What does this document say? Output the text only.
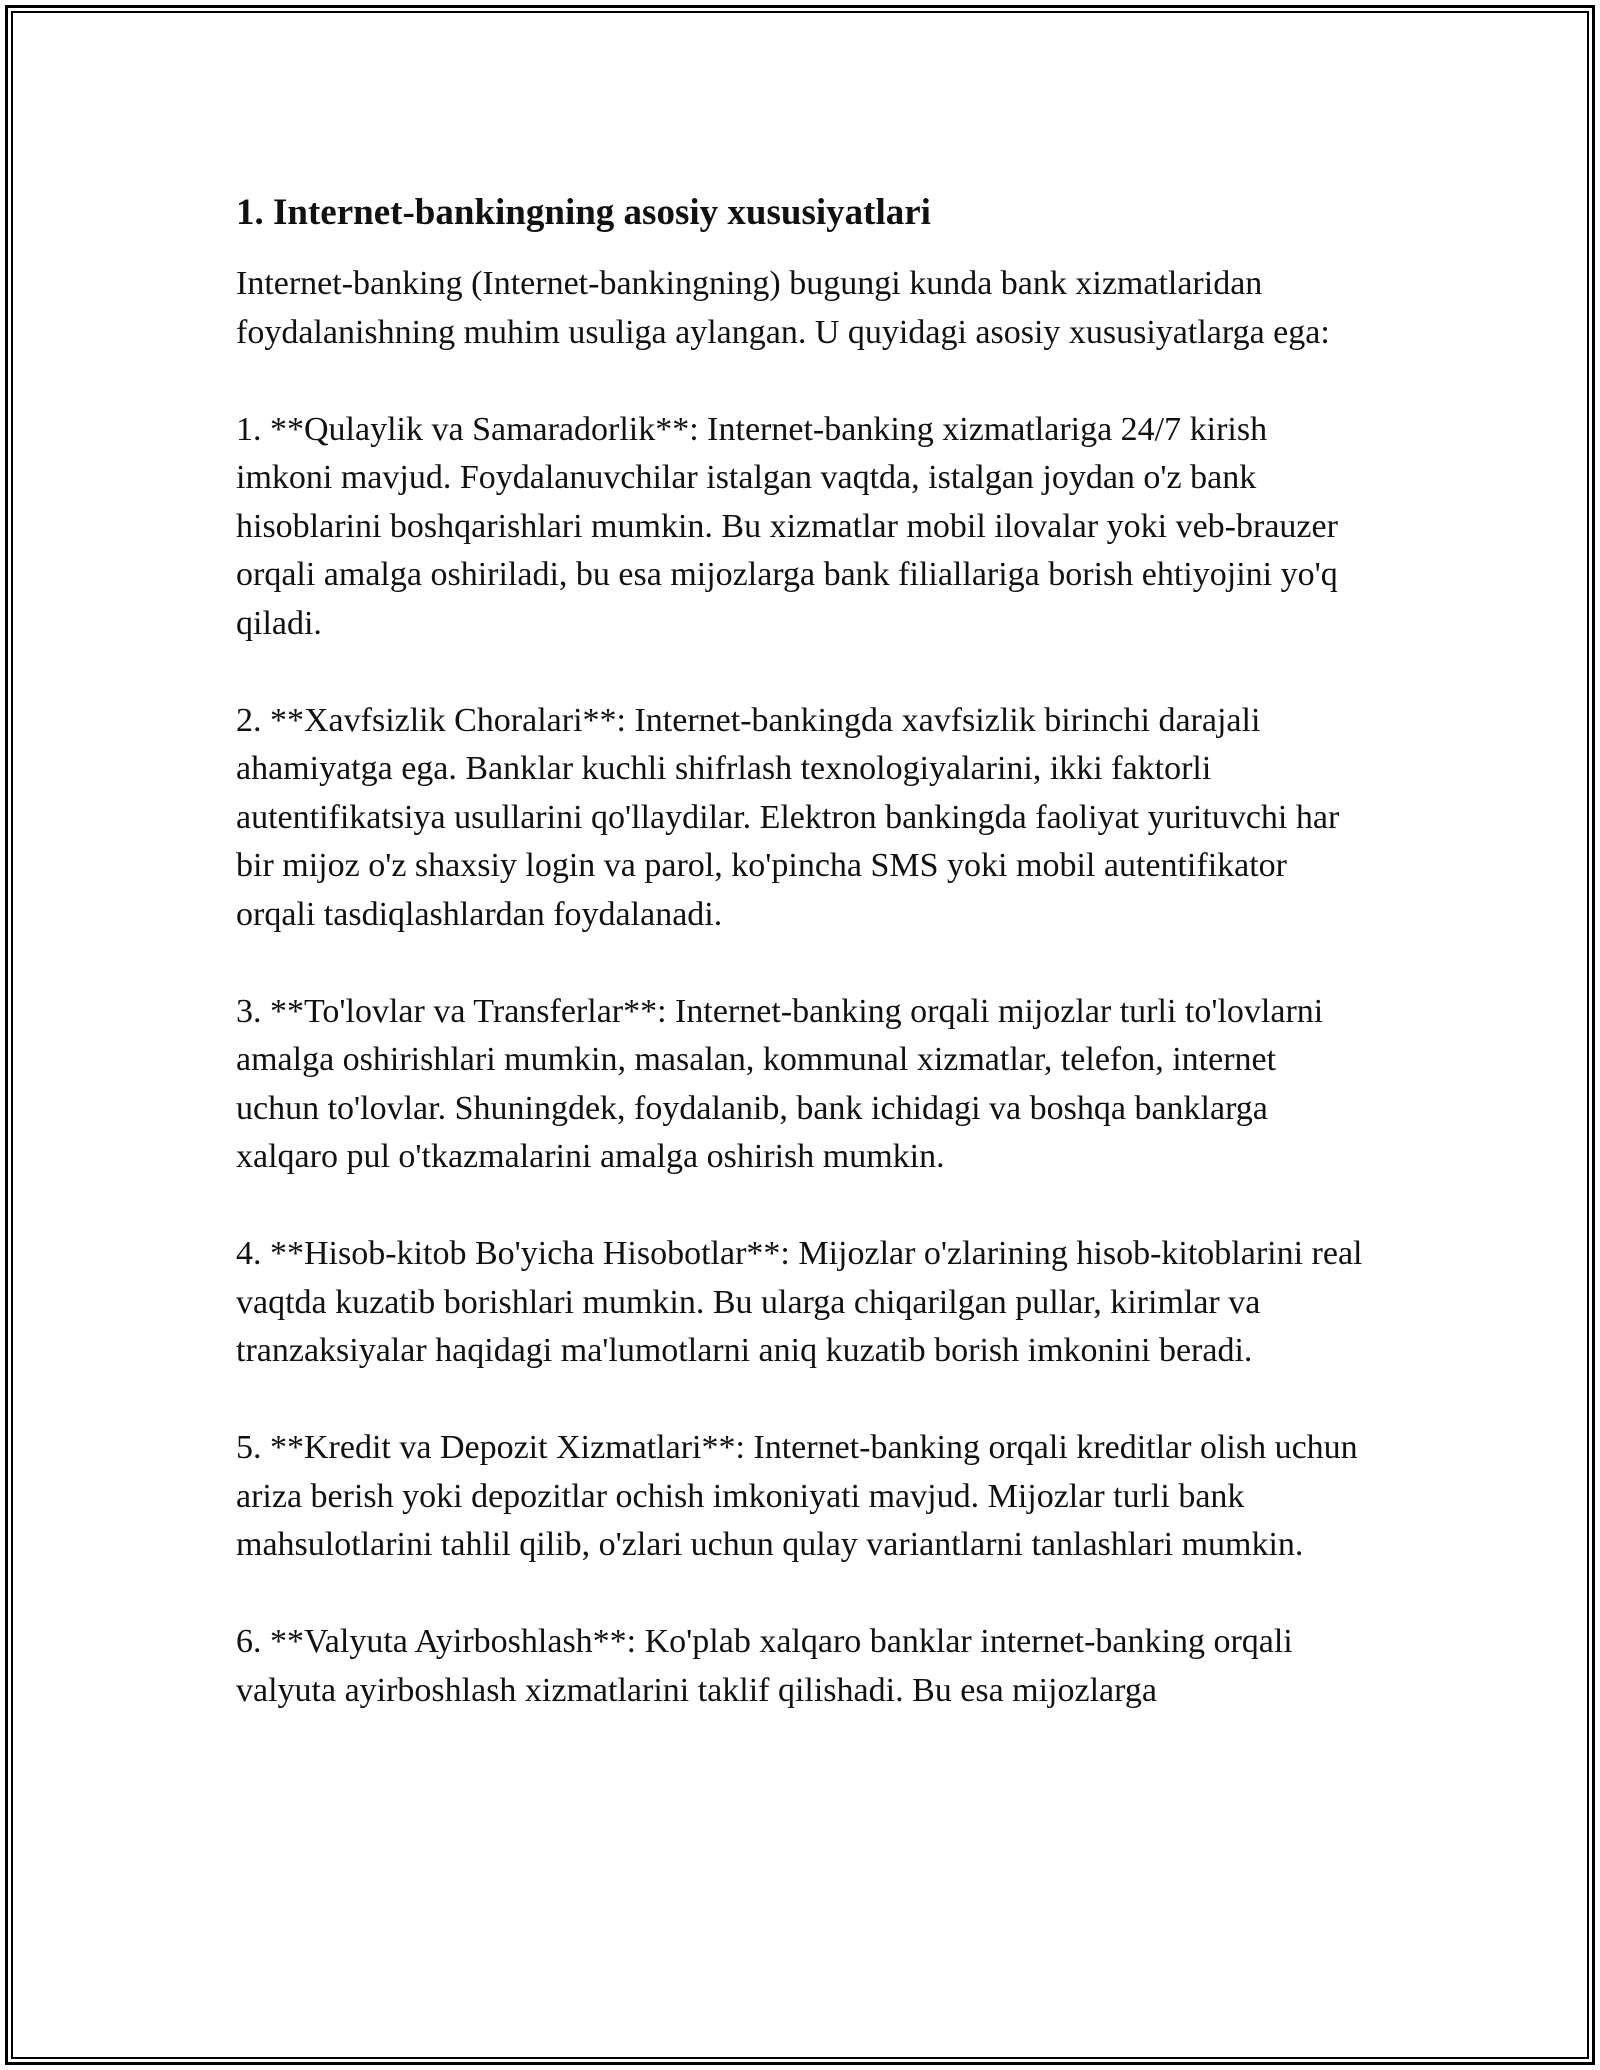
1. Internet-bankingning asosiy xususiyatlari

Internet-banking (Internet-bankingning) bugungi kunda bank xizmatlaridan foydalanishning muhim usuliga aylangan. U quyidagi asosiy xususiyatlarga ega:

1. **Qulaylik va Samaradorlik**: Internet-banking xizmatlariga 24/7 kirish imkoni mavjud. Foydalanuvchilar istalgan vaqtda, istalgan joydan o'z bank hisoblarini boshqarishlari mumkin. Bu xizmatlar mobil ilovalar yoki veb-brauzer orqali amalga oshiriladi, bu esa mijozlarga bank filiallariga borish ehtiyojini yo'q qiladi.

2. **Xavfsizlik Choralari**: Internet-bankingda xavfsizlik birinchi darajali ahamiyatga ega. Banklar kuchli shifrlash texnologiyalarini, ikki faktorli autentifikatsiya usullarini qo'llaydilar. Elektron bankingda faoliyat yurituvchi har bir mijoz o'z shaxsiy login va parol, ko'pincha SMS yoki mobil autentifikator orqali tasdiqlashlardan foydalanadi.

3. **To'lovlar va Transferlar**: Internet-banking orqali mijozlar turli to'lovlarni amalga oshirishlari mumkin, masalan, kommunal xizmatlar, telefon, internet uchun to'lovlar. Shuningdek, foydalanib, bank ichidagi va boshqa banklarga xalqaro pul o'tkazmalarini amalga oshirish mumkin.

4. **Hisob-kitob Bo'yicha Hisobotlar**: Mijozlar o'zlarining hisob-kitoblarini real vaqtda kuzatib borishlari mumkin. Bu ularga chiqarilgan pullar, kirimlar va tranzaksiyalar haqidagi ma'lumotlarni aniq kuzatib borish imkonini beradi.

5. **Kredit va Depozit Xizmatlari**: Internet-banking orqali kreditlar olish uchun ariza berish yoki depozitlar ochish imkoniyati mavjud. Mijozlar turli bank mahsulotlarini tahlil qilib, o'zlari uchun qulay variantlarni tanlashlari mumkin.

6. **Valyuta Ayirboshlash**: Ko'plab xalqaro banklar internet-banking orqali valyuta ayirboshlash xizmatlarini taklif qilishadi. Bu esa mijozlarga
